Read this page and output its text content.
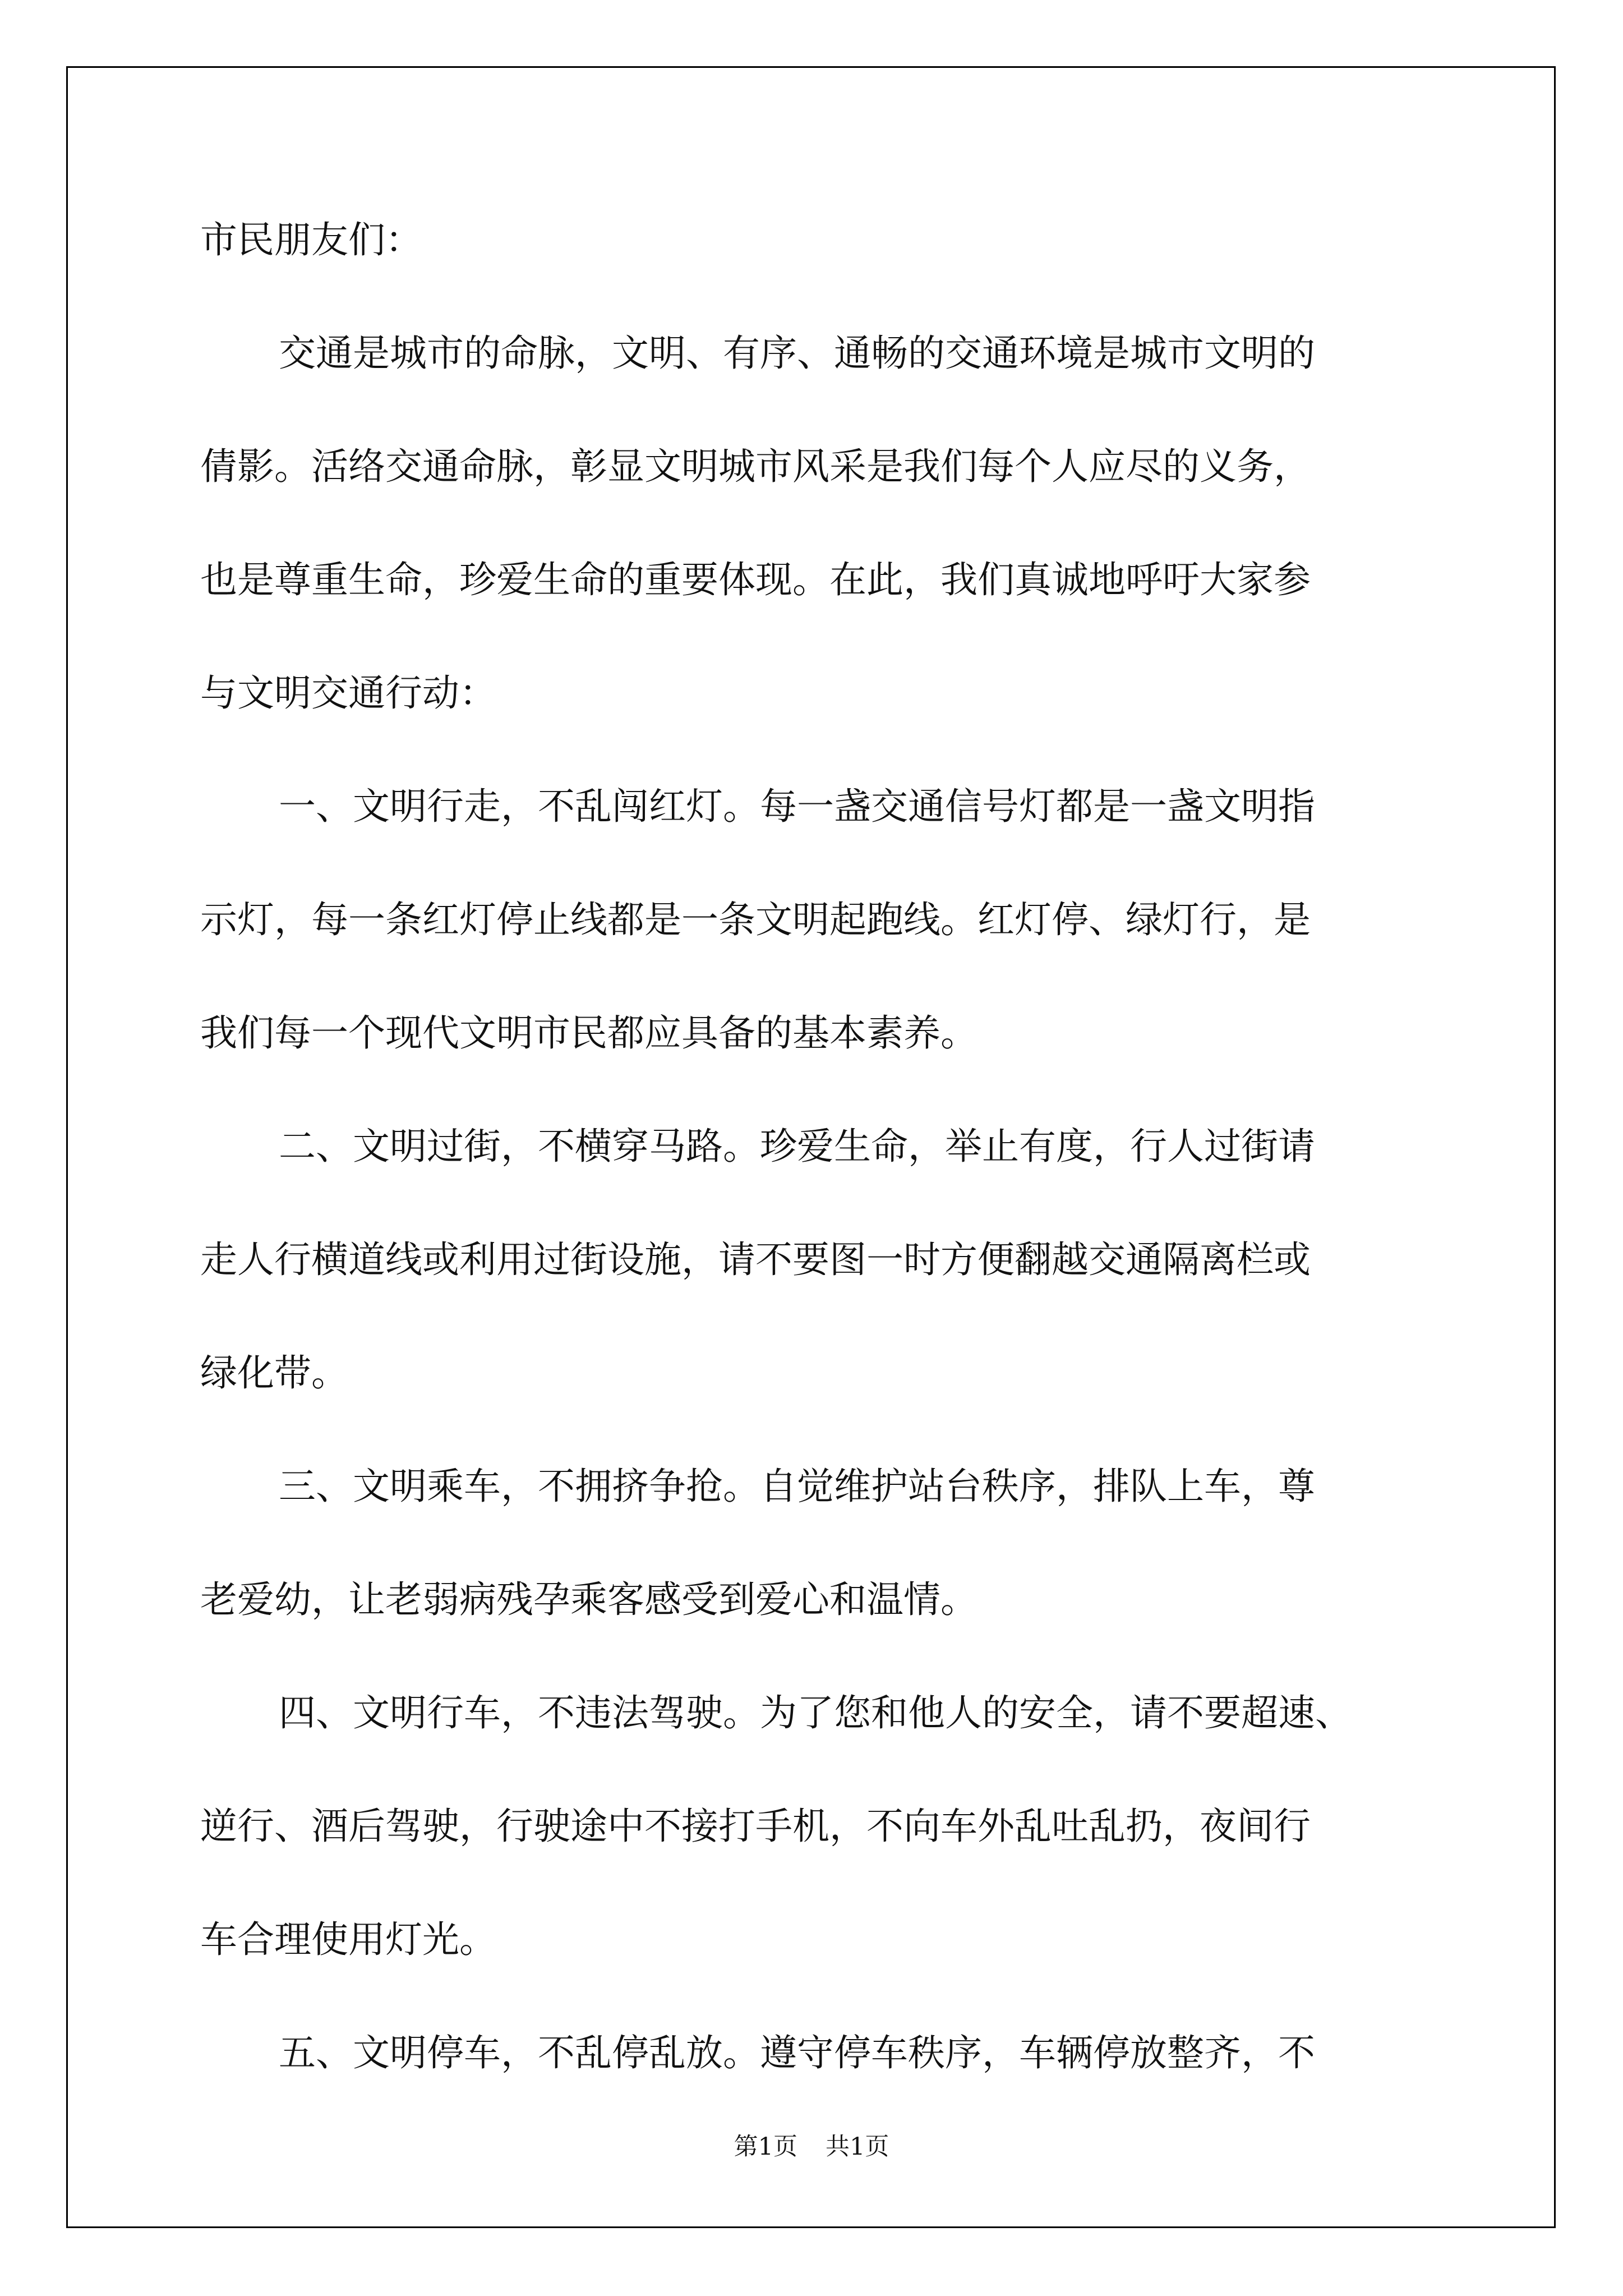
市民朋友们：
交通是城市的命脉，文明、有序、通畅的交通环境是城市文明的
倩影。活络交通命脉，彰显文明城市风采是我们每个人应尽的义务，
也是尊重生命，珍爱生命的重要体现。在此，我们真诚地呼吁大家参
与文明交通行动：
一、文明行走，不乱闯红灯。每一盏交通信号灯都是一盏文明指
示灯，每一条红灯停止线都是一条文明起跑线。红灯停、绿灯行，是
我们每一个现代文明市民都应具备的基本素养。
二、文明过街，不横穿马路。珍爱生命，举止有度，行人过街请
走人行横道线或利用过街设施，请不要图一时方便翻越交通隔离栏或
绿化带。
三、文明乘车，不拥挤争抢。自觉维护站台秩序，排队上车，尊
老爱幼，让老弱病残孕乘客感受到爱心和温情。
四、文明行车，不违法驾驶。为了您和他人的安全，请不要超速、
逆行、酒后驾驶，行驶途中不接打手机，不向车外乱吐乱扔，夜间行
车合理使用灯光。
五、文明停车，不乱停乱放。遵守停车秩序，车辆停放整齐，不
第1页 共1页
